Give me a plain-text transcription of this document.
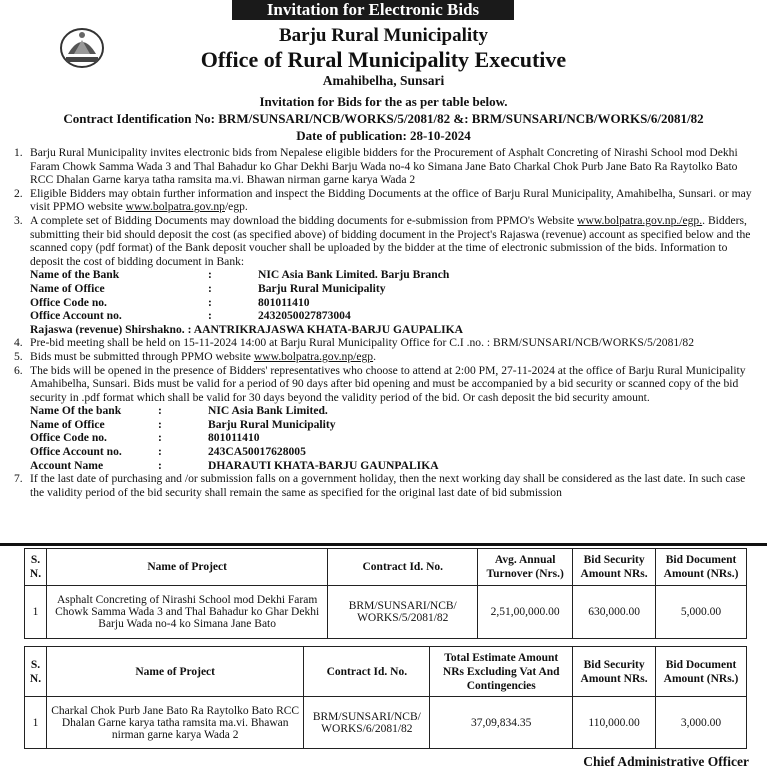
Invitation for Electronic Bids
Barju Rural Municipality
Office of Rural Municipality Executive
Amahibelha, Sunsari
Invitation for Bids for the as per table below.
Contract Identification No: BRM/SUNSARI/NCB/WORKS/5/2081/82 &: BRM/SUNSARI/NCB/WORKS/6/2081/82
Date of publication: 28-10-2024
1. Barju Rural Municipality invites electronic bids from Nepalese eligible bidders for the Procurement of Asphalt Concreting of Nirashi School mod Dekhi Faram Chowk Samma Wada 3 and Thal Bahadur ko Ghar Dekhi Barju Wada no-4 ko Simana Jane Bato Charkal Chok Purb Jane Bato Ra Raytolko Bato RCC Dhalan Garne karya tatha ramsita ma.vi. Bhawan nirman garne karya Wada 2
2. Eligible Bidders may obtain further information and inspect the Bidding Documents at the office of Barju Rural Municipality, Amahibelha, Sunsari. or may visit PPMO website www.bolpatra.gov.np/egp.
3. A complete set of Bidding Documents may download the bidding documents for e-submission from PPMO's Website www.bolpatra.gov.np./egp.. Bidders, submitting their bid should deposit the cost (as specified above) of bidding document in the Project's Rajaswa (revenue) account as specified below and the scanned copy (pdf format) of the Bank deposit voucher shall be uploaded by the bidder at the time of electronic submission of the bids. Information to deposit the cost of bidding document in Bank:
Name of the Bank	:	NIC Asia Bank Limited. Barju Branch
Name of Office	:	Barju Rural Municipality
Office Code no.	:	801011410
Office Account no.	:	2432050027873004
Rajaswa (revenue) Shirshakno. : AANTRIKRAJASWA KHATA-BARJU GAUPALIKA
4. Pre-bid meeting shall be held on 15-11-2024 14:00 at Barju Rural Municipality Office for C.I .no. : BRM/SUNSARI/NCB/WORKS/5/2081/82
5. Bids must be submitted through PPMO website www.bolpatra.gov.np/egp.
6. The bids will be opened in the presence of Bidders' representatives who choose to attend at 2:00 PM, 27-11-2024 at the office of Barju Rural Municipality Amahibelha, Sunsari. Bids must be valid for a period of 90 days after bid opening and must be accompanied by a bid security or scanned copy of the bid security in .pdf format which shall be valid for 30 days beyond the validity period of the bid. Or cash deposit the bid security amount.
Name Of the bank	:	NIC Asia Bank Limited.
Name of Office	:	Barju Rural Municipality
Office Code no.	:	801011410
Office Account no.	:	243CA50017628005
Account Name	:	DHARAUTI KHATA-BARJU GAUNPALIKA
7. If the last date of purchasing and /or submission falls on a government holiday, then the next working day shall be considered as the last date. In such case the validity period of the bid security shall remain the same as specified for the original last date of bid submission
S. N.	Name of Project	Contract Id. No.	Avg. Annual Turnover (Nrs.)	Bid Security Amount NRs.	Bid Document Amount (NRs.)
1	Asphalt Concreting of Nirashi School mod Dekhi Faram Chowk Samma Wada 3 and Thal Bahadur ko Ghar Dekhi Barju Wada no-4 ko Simana Jane Bato	BRM/SUNSARI/NCB/ WORKS/5/2081/82	2,51,00,000.00	630,000.00	5,000.00
S. N.	Name of Project	Contract Id. No.	Total Estimate Amount NRs Excluding Vat And Contingencies	Bid Security Amount NRs.	Bid Document Amount (NRs.)
1	Charkal Chok Purb Jane Bato Ra Raytolko Bato RCC Dhalan Garne karya tatha ramsita ma.vi. Bhawan nirman garne karya Wada 2	BRM/SUNSARI/NCB/ WORKS/6/2081/82	37,09,834.35	110,000.00	3,000.00
Chief Administrative Officer
